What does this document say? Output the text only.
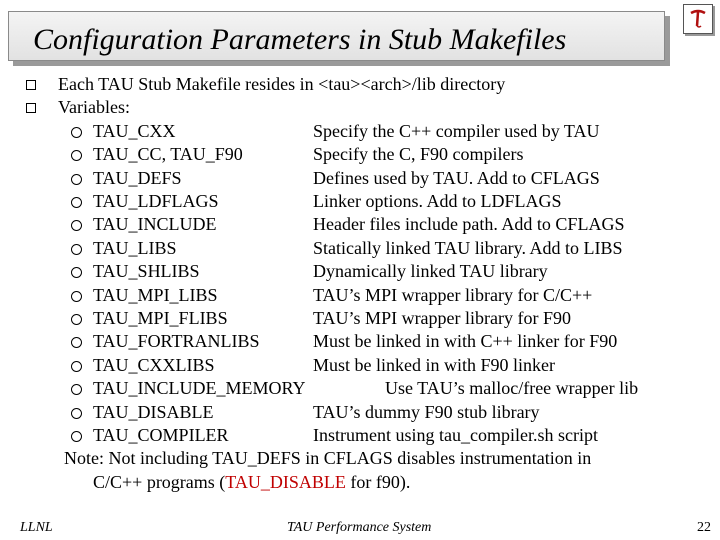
Configuration Parameters in Stub Makefiles
Each TAU Stub Makefile resides in <tau><arch>/lib directory
Variables:
TAU_CXX	Specify the C++ compiler used by TAU
TAU_CC, TAU_F90	Specify the C, F90 compilers
TAU_DEFS	Defines used by TAU. Add to CFLAGS
TAU_LDFLAGS	Linker options. Add to LDFLAGS
TAU_INCLUDE	Header files include path. Add to CFLAGS
TAU_LIBS	Statically linked TAU library. Add to LIBS
TAU_SHLIBS	Dynamically linked TAU library
TAU_MPI_LIBS	TAU’s MPI wrapper library for C/C++
TAU_MPI_FLIBS	TAU’s MPI wrapper library for F90
TAU_FORTRANLIBS	Must be linked in with C++ linker for F90
TAU_CXXLIBS	Must be linked in with F90 linker
TAU_INCLUDE_MEMORY	Use TAU’s malloc/free wrapper lib
TAU_DISABLE	TAU’s dummy F90 stub library
TAU_COMPILER	Instrument using tau_compiler.sh script
Note: Not including TAU_DEFS in CFLAGS disables instrumentation in
C/C++ programs (TAU_DISABLE for f90).
LLNL	TAU Performance System	22
